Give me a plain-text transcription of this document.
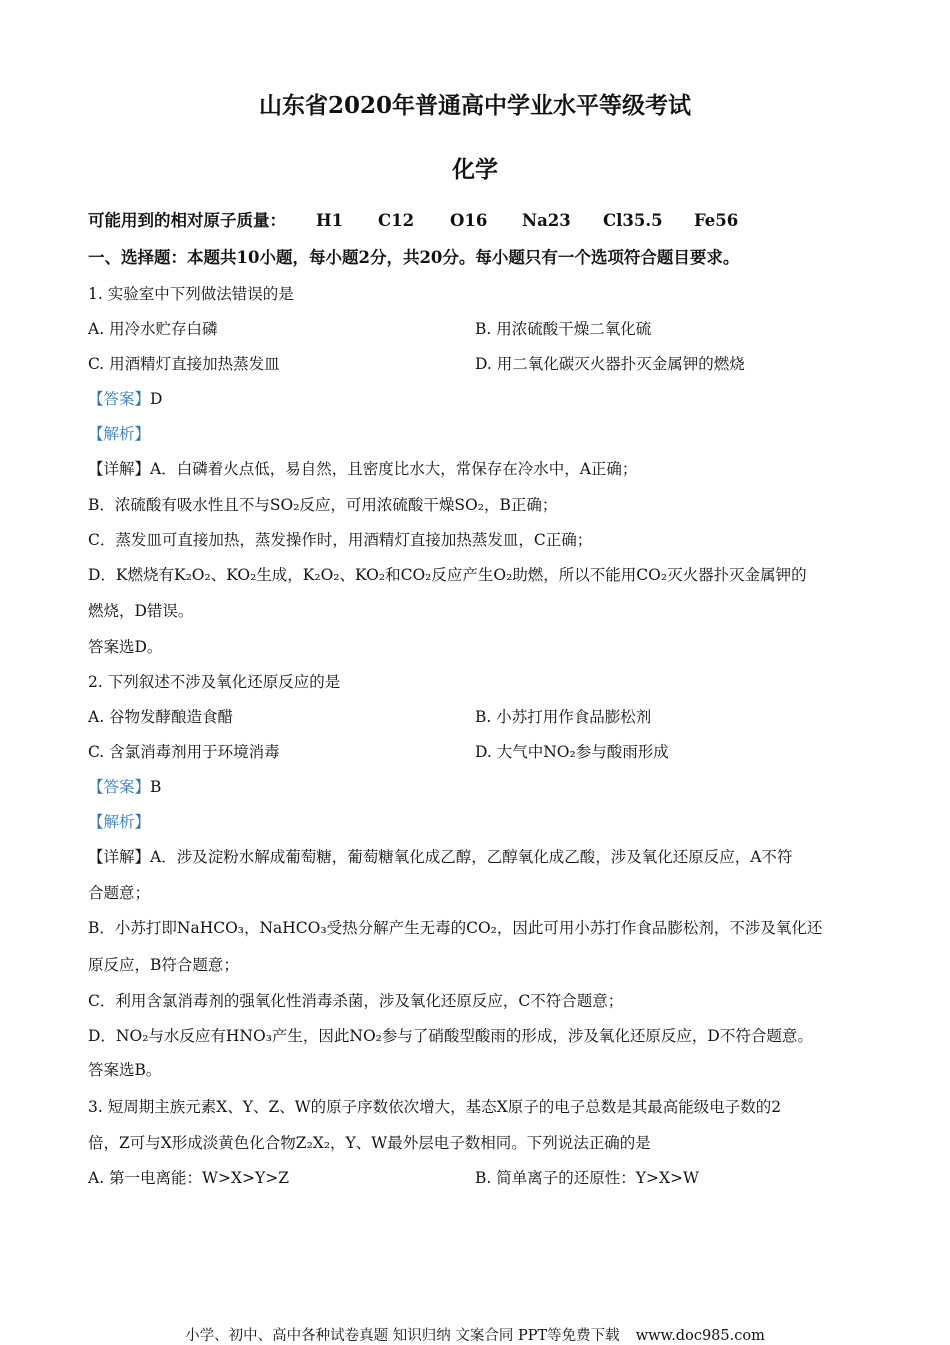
山东省2020年普通高中学业水平等级考试
化学
可能用到的相对原子质量：	H1	C12	O16	Na23	Cl35.5	Fe56
一、选择题：本题共10小题，每小题2分，共20分。每小题只有一个选项符合题目要求。
1. 实验室中下列做法错误的是
A. 用冷水贮存白磷	B. 用浓硫酸干燥二氧化硫
C. 用酒精灯直接加热蒸发皿	D. 用二氧化碳灭火器扑灭金属钾的燃烧
【答案】D
【解析】
【详解】A．白磷着火点低，易自然，且密度比水大，常保存在冷水中，A正确；
B．浓硫酸有吸水性且不与SO₂反应，可用浓硫酸干燥SO₂，B正确；
C．蒸发皿可直接加热，蒸发操作时，用酒精灯直接加热蒸发皿，C正确；
D．K燃烧有K₂O₂、KO₂生成，K₂O₂、KO₂和CO₂反应产生O₂助燃，所以不能用CO₂灭火器扑灭金属钾的
燃烧，D错误。
答案选D。
2. 下列叙述不涉及氧化还原反应的是
A. 谷物发酵酿造食醋	B. 小苏打用作食品膨松剂
C. 含氯消毒剂用于环境消毒	D. 大气中NO₂参与酸雨形成
【答案】B
【解析】
【详解】A．涉及淀粉水解成葡萄糖，葡萄糖氧化成乙醇，乙醇氧化成乙酸，涉及氧化还原反应，A不符
合题意；
B．小苏打即NaHCO₃，NaHCO₃受热分解产生无毒的CO₂，因此可用小苏打作食品膨松剂，不涉及氧化还
原反应，B符合题意；
C．利用含氯消毒剂的强氧化性消毒杀菌，涉及氧化还原反应，C不符合题意；
D．NO₂与水反应有HNO₃产生，因此NO₂参与了硝酸型酸雨的形成，涉及氧化还原反应，D不符合题意。
答案选B。
3. 短周期主族元素X、Y、Z、W的原子序数依次增大，基态X原子的电子总数是其最高能级电子数的2
倍，Z可与X形成淡黄色化合物Z₂X₂，Y、W最外层电子数相同。下列说法正确的是
A. 第一电离能：W>X>Y>Z	B. 简单离子的还原性：Y>X>W
小学、初中、高中各种试卷真题 知识归纳 文案合同 PPT等免费下载 www.doc985.com
